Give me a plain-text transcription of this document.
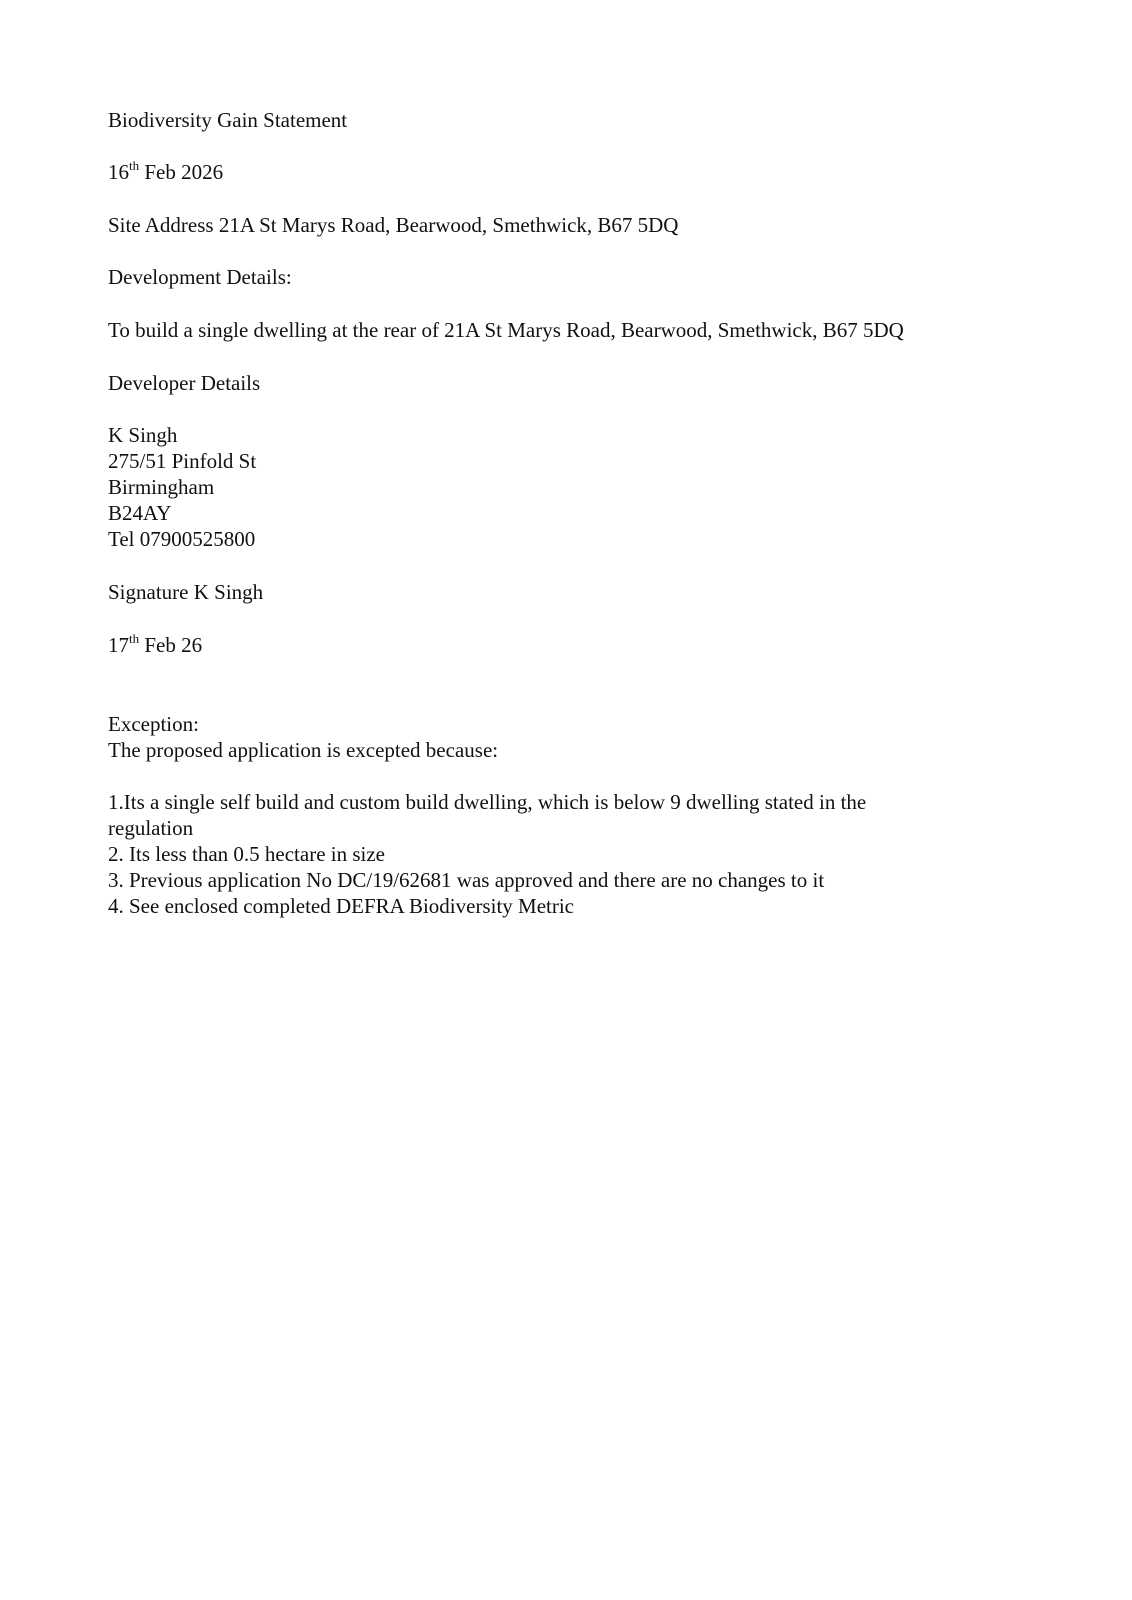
Biodiversity Gain Statement
16th Feb 2026
Site Address 21A St Marys Road, Bearwood, Smethwick, B67 5DQ
Development Details:
To build a single dwelling at the rear of 21A St Marys Road, Bearwood, Smethwick, B67 5DQ
Developer Details
K Singh
275/51 Pinfold St
Birmingham
B24AY
Tel 07900525800
Signature K Singh
17th Feb 26
Exception:
The proposed application is excepted because:
1.Its a single self build and custom build dwelling, which is below 9 dwelling stated in the regulation
2. Its less than 0.5 hectare in size
3. Previous application No DC/19/62681 was approved and there are no changes to it
4. See enclosed completed DEFRA Biodiversity Metric
